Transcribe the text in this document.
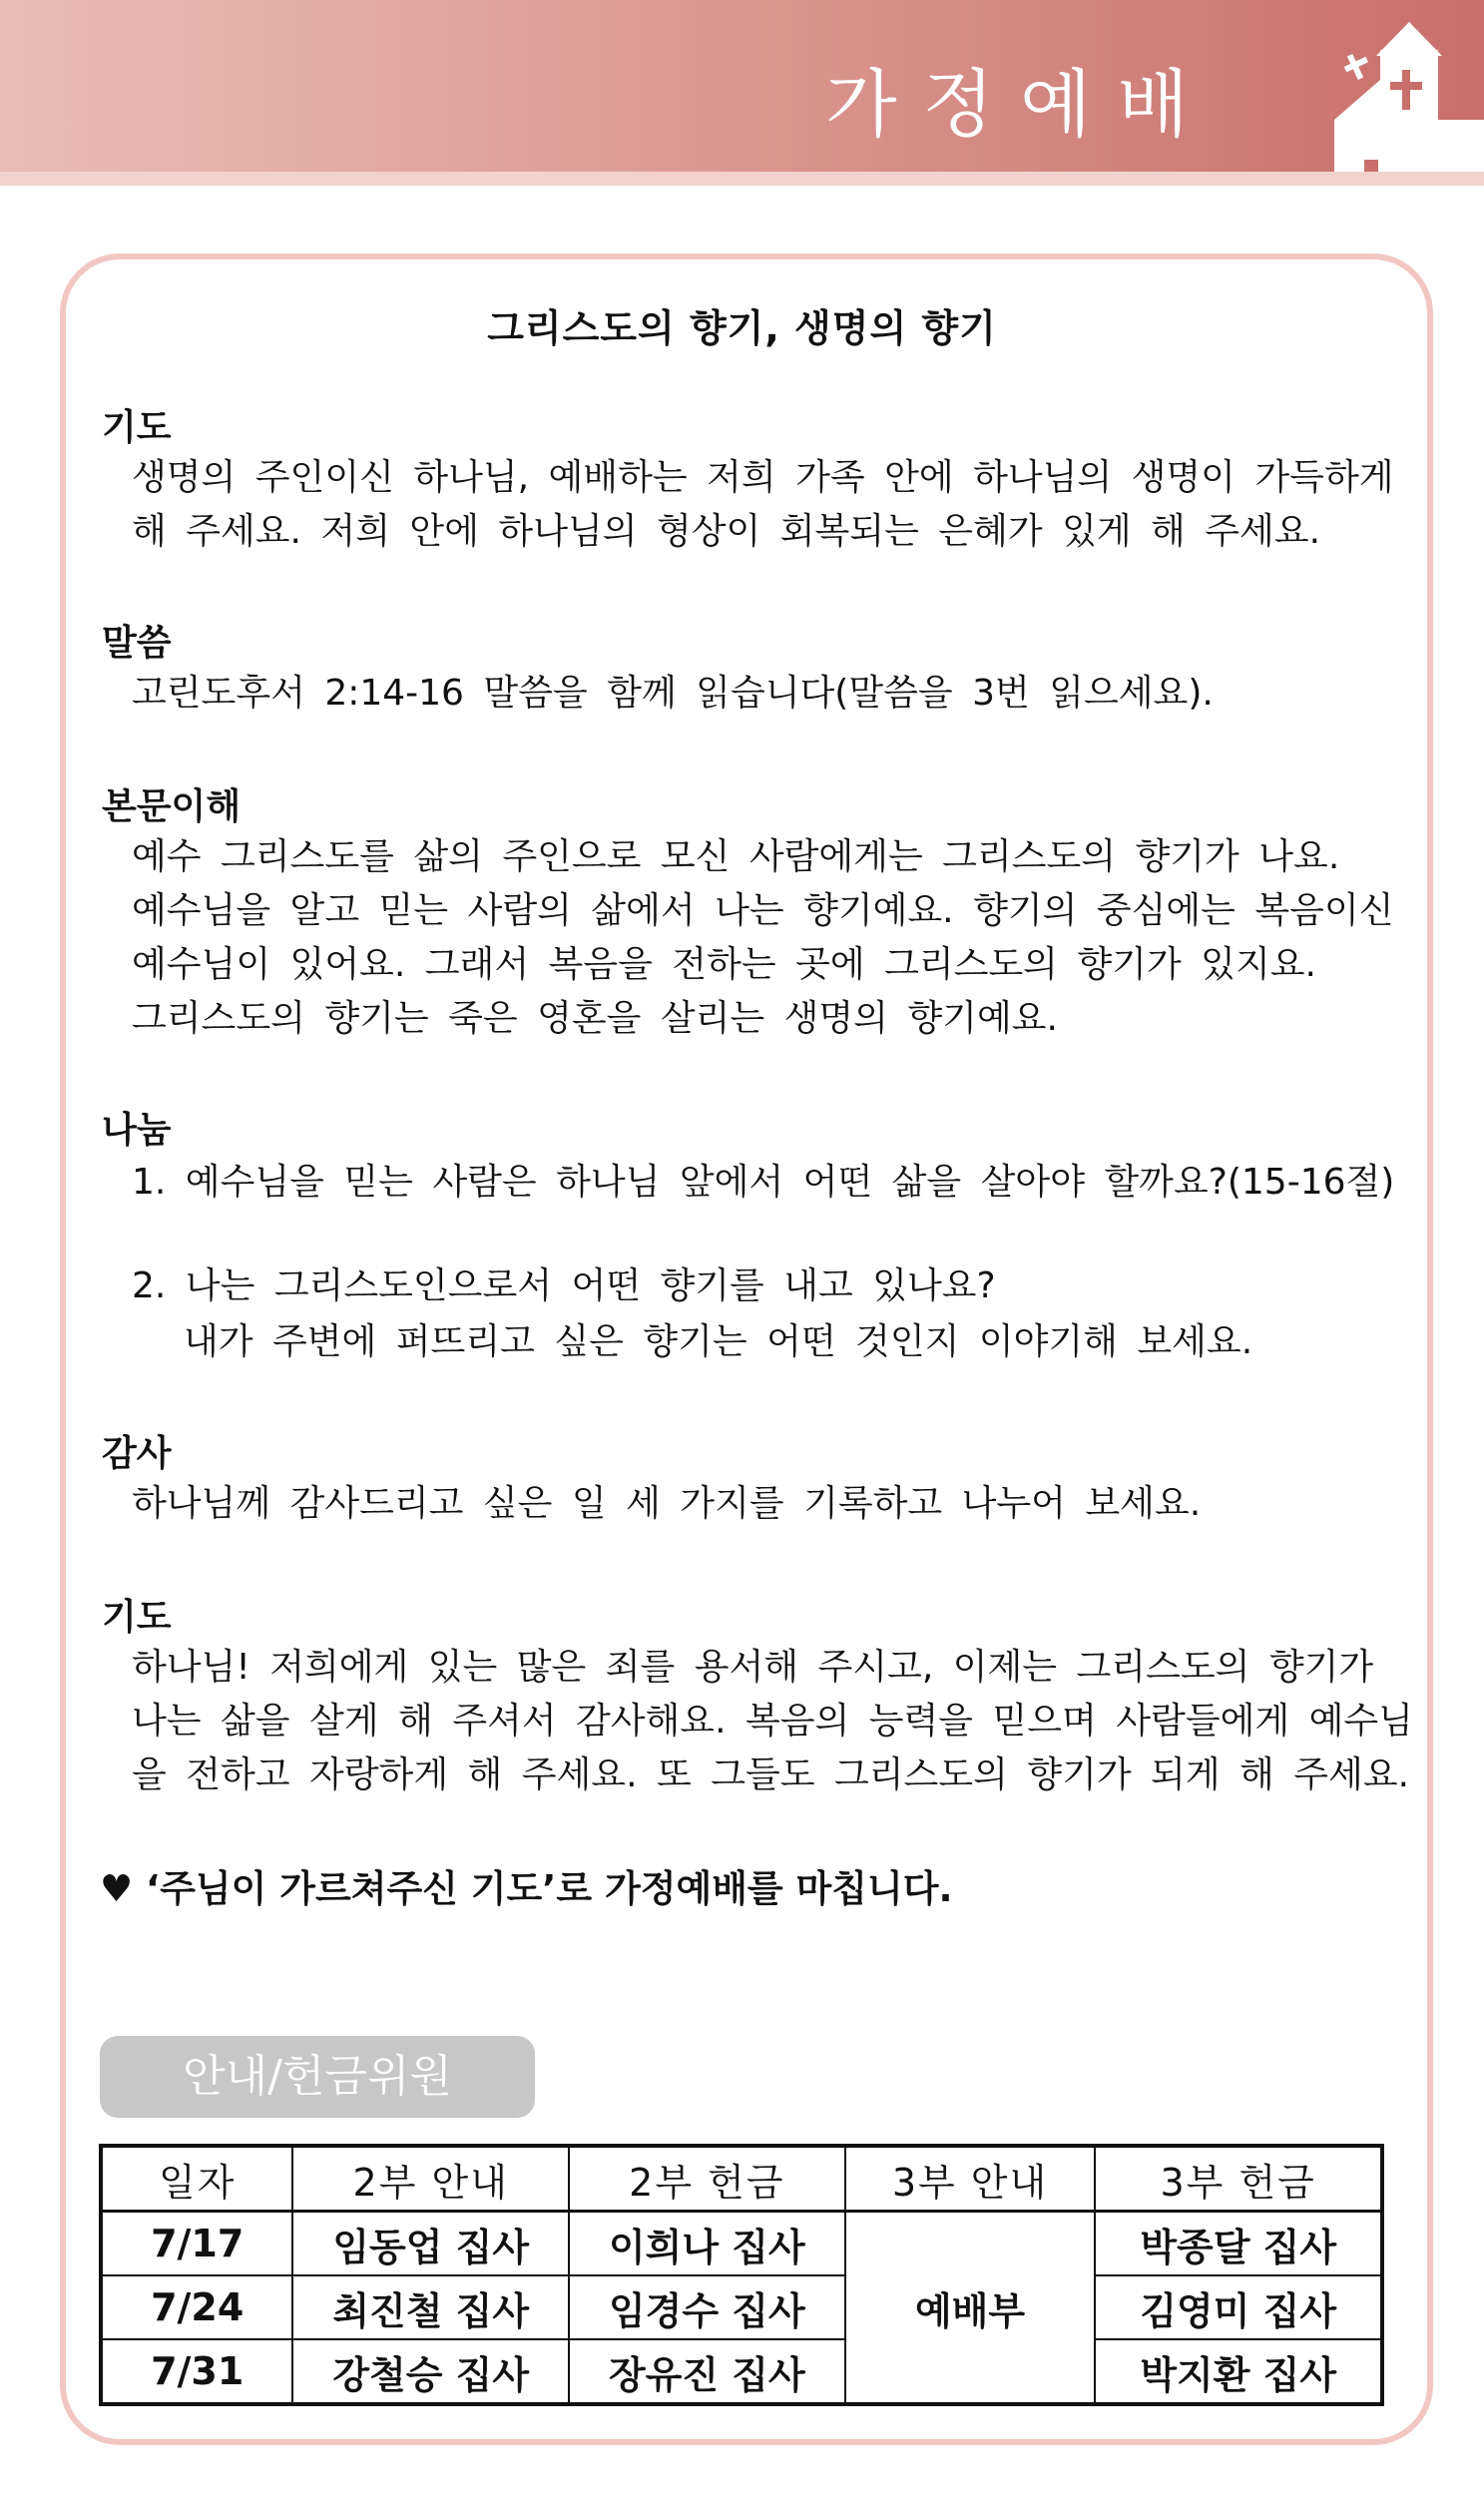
가정예배
그리스도의 향기, 생명의 향기
기도
생명의 주인이신 하나님, 예배하는 저희 가족 안에 하나님의 생명이 가득하게
해 주세요. 저희 안에 하나님의 형상이 회복되는 은혜가 있게 해 주세요.
말씀
고린도후서 2:14-16 말씀을 함께 읽습니다(말씀을 3번 읽으세요).
본문이해
예수 그리스도를 삶의 주인으로 모신 사람에게는 그리스도의 향기가 나요.
예수님을 알고 믿는 사람의 삶에서 나는 향기예요. 향기의 중심에는 복음이신
예수님이 있어요. 그래서 복음을 전하는 곳에 그리스도의 향기가 있지요.
그리스도의 향기는 죽은 영혼을 살리는 생명의 향기예요.
나눔
1. 예수님을 믿는 사람은 하나님 앞에서 어떤 삶을 살아야 할까요?(15-16절)
2. 나는 그리스도인으로서 어떤 향기를 내고 있나요?
내가 주변에 퍼뜨리고 싶은 향기는 어떤 것인지 이야기해 보세요.
감사
하나님께 감사드리고 싶은 일 세 가지를 기록하고 나누어 보세요.
기도
하나님! 저희에게 있는 많은 죄를 용서해 주시고, 이제는 그리스도의 향기가
나는 삶을 살게 해 주셔서 감사해요. 복음의 능력을 믿으며 사람들에게 예수님
을 전하고 자랑하게 해 주세요. 또 그들도 그리스도의 향기가 되게 해 주세요.
♥ ‘주님이 가르쳐주신 기도’로 가정예배를 마칩니다.
안내/헌금위원
일자	2부 안내	2부 헌금	3부 안내	3부 헌금
7/17	임동업 집사	이희나 집사	예배부	박종달 집사
7/24	최진철 집사	임경수 집사		김영미 집사
7/31	강철승 집사	장유진 집사		박지환 집사
